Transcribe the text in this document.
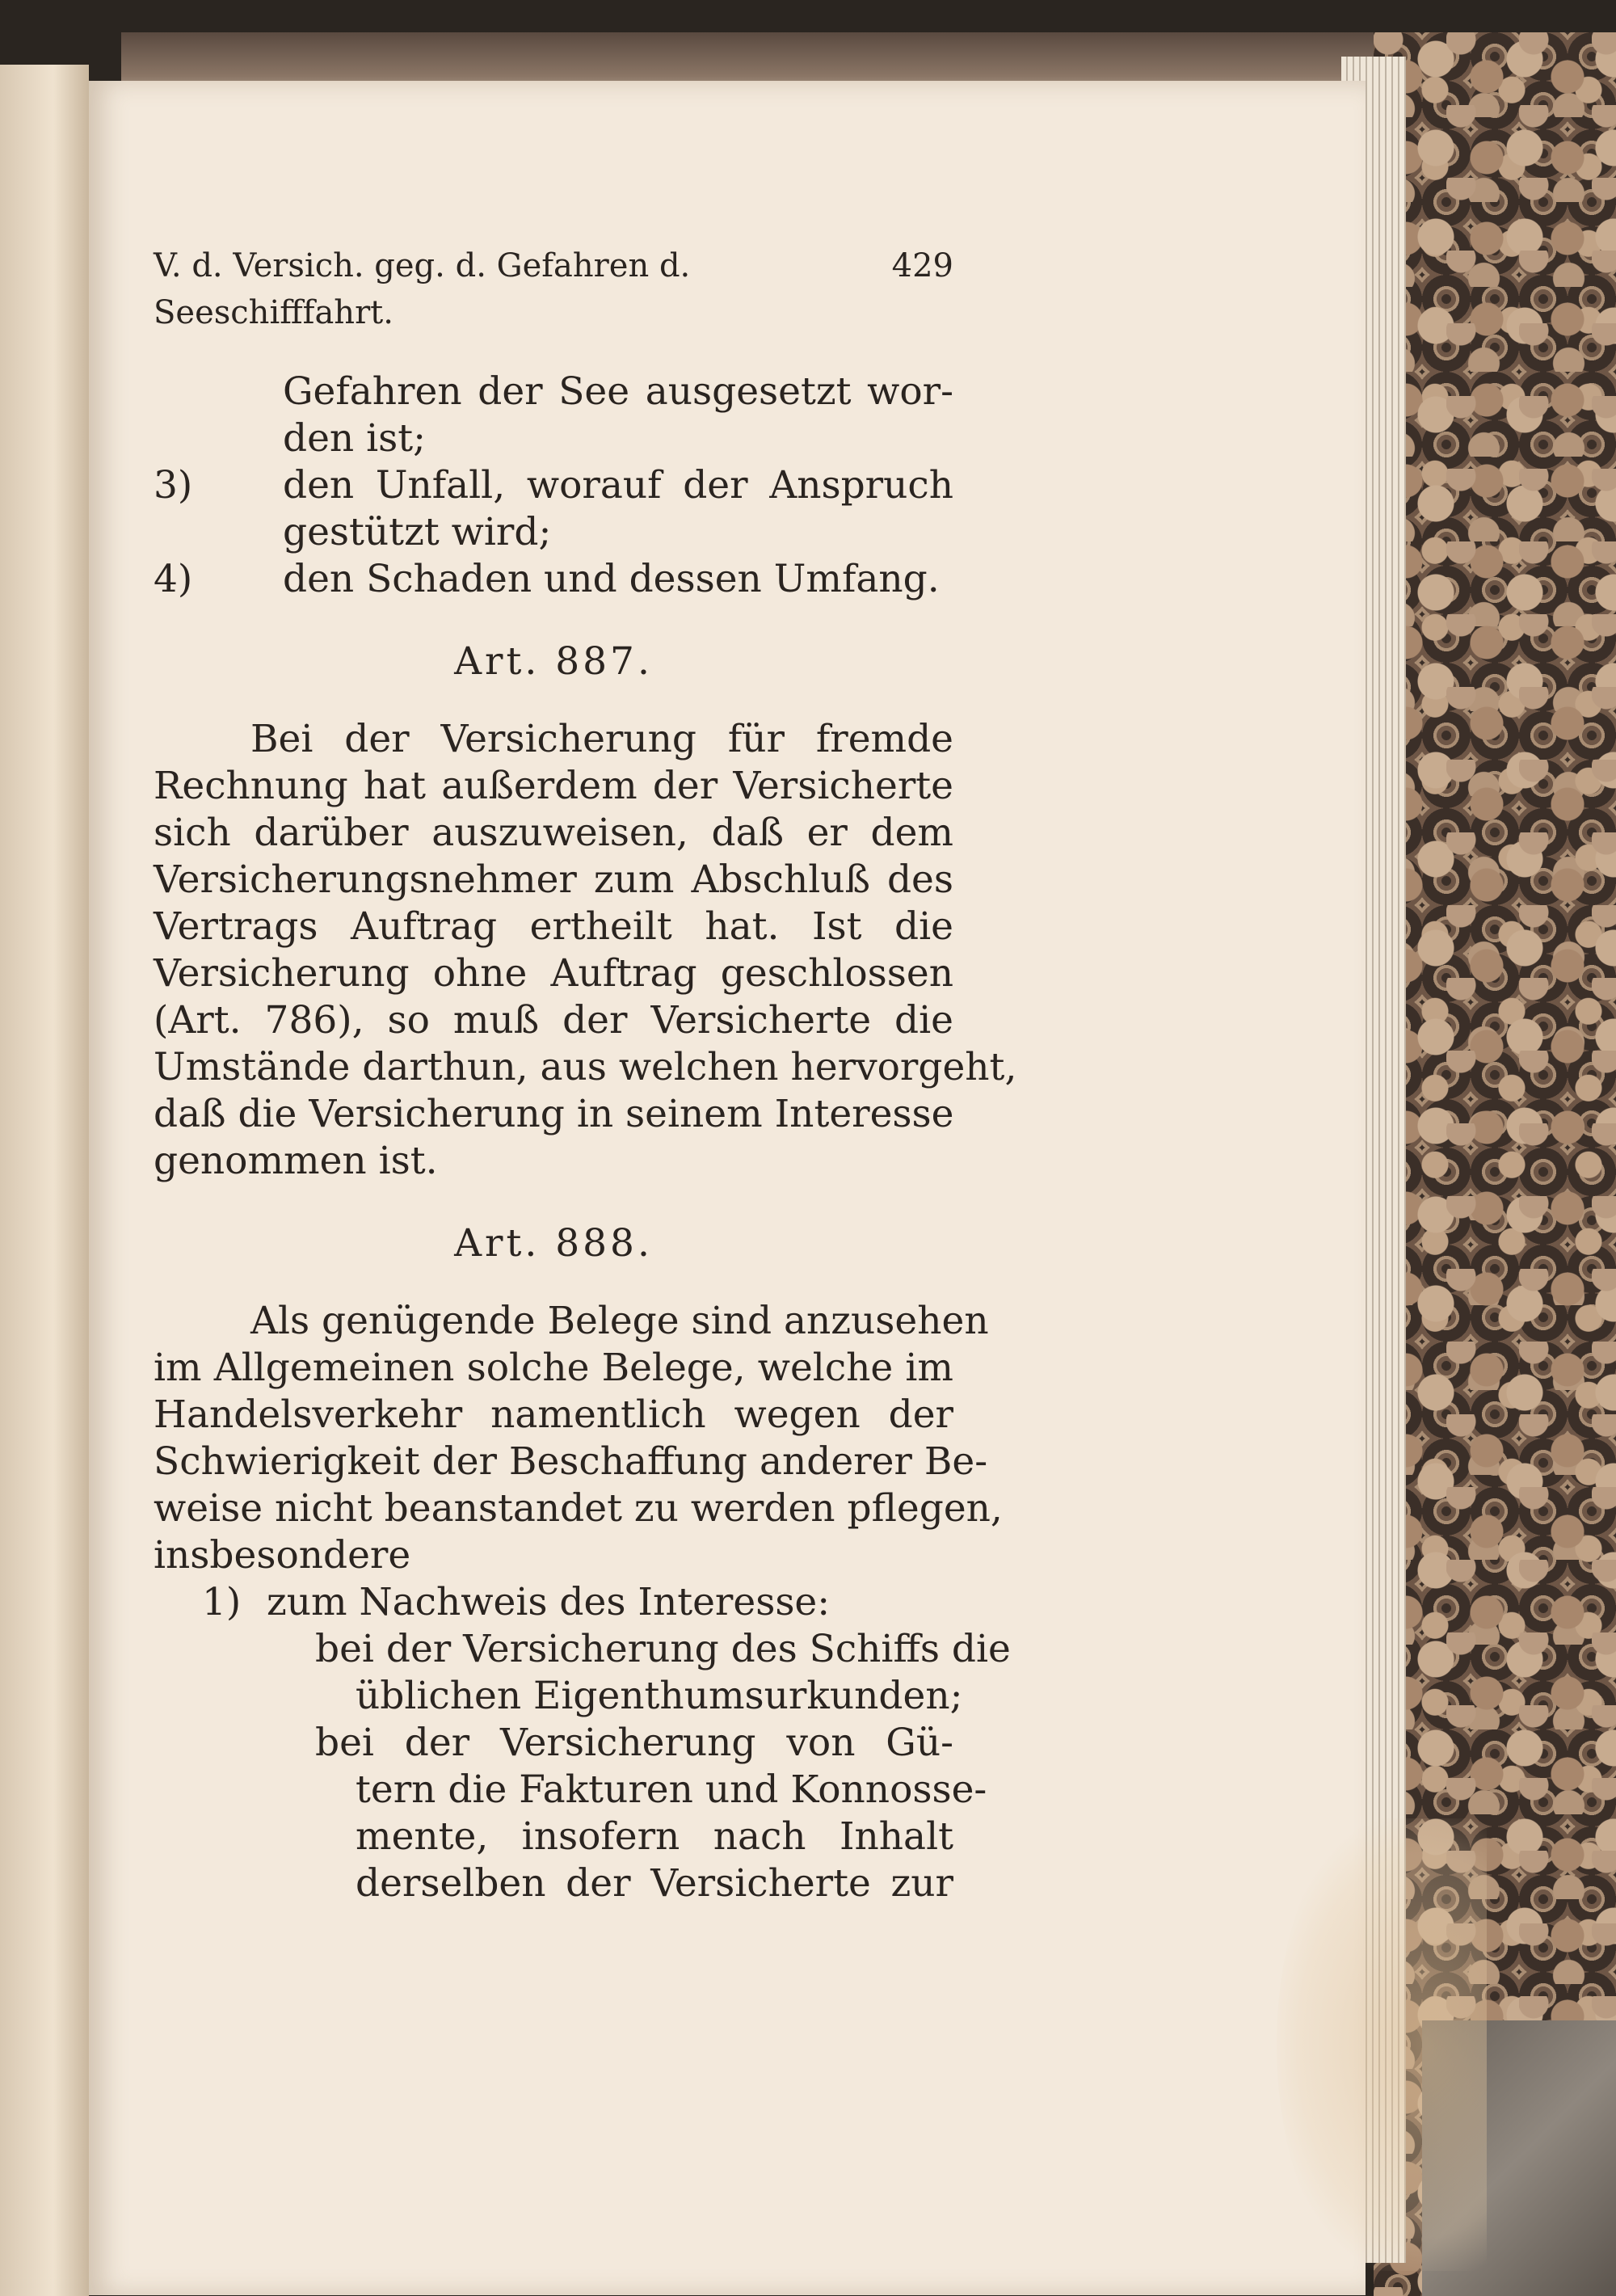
V. d. Versich. geg. d. Gefahren d. Seeschifffahrt.
429
Gefahren der See ausgesetzt wor-
den ist;
3)	den Unfall, worauf der Anspruch
gestützt wird;
4)	den Schaden und dessen Umfang.
Art. 887.
Bei der Versicherung für fremde
Rechnung hat außerdem der Versicherte
sich darüber auszuweisen, daß er dem
Versicherungsnehmer zum Abschluß des
Vertrags Auftrag ertheilt hat. Ist die
Versicherung ohne Auftrag geschlossen
(Art. 786), so muß der Versicherte die
Umstände darthun, aus welchen hervorgeht,
daß die Versicherung in seinem Interesse
genommen ist.
Art. 888.
Als genügende Belege sind anzusehen
im Allgemeinen solche Belege, welche im
Handelsverkehr namentlich wegen der
Schwierigkeit der Beschaffung anderer Be-
weise nicht beanstandet zu werden pflegen,
insbesondere
1) zum Nachweis des Interesse:
bei der Versicherung des Schiffs die
üblichen Eigenthumsurkunden;
bei der Versicherung von Gü-
tern die Fakturen und Konnosse-
mente, insofern nach Inhalt
derselben der Versicherte zur
